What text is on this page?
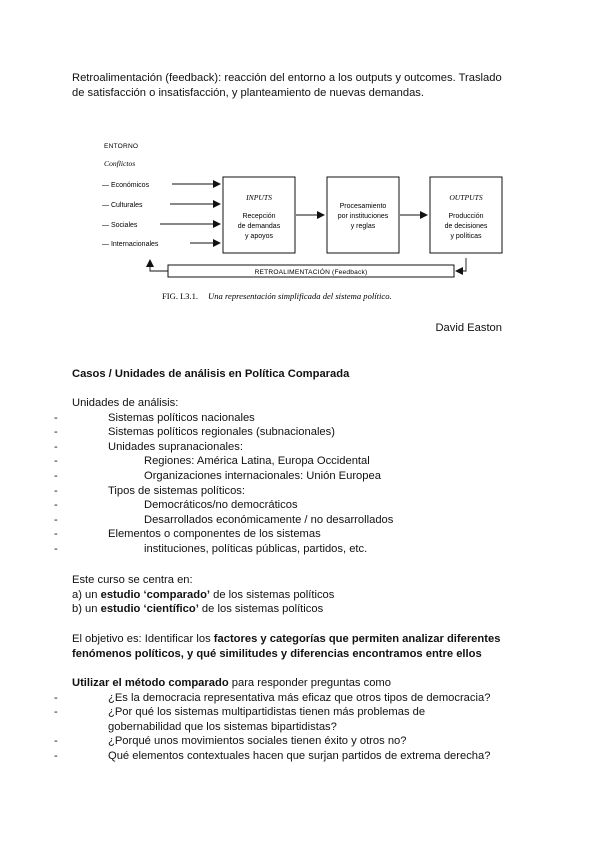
Retroalimentación (feedback): reacción del entorno a los outputs y outcomes. Traslado
de satisfacción o insatisfacción, y planteamiento de nuevas demandas.
ENTORNO
Conflictos
— Económicos
— Culturales
— Sociales
— Internacionales
INPUTS
Recepción
de demandas
y apoyos
Procesamiento
por instituciones
y reglas
OUTPUTS
Producción
de decisiones
y políticas
RETROALIMENTACIÓN (Feedback)
FIG. I.3.1. Una representación simplificada del sistema político.
David Easton
Casos / Unidades de análisis en Política Comparada
Unidades de análisis:
- Sistemas políticos nacionales
- Sistemas políticos regionales (subnacionales)
- Unidades supranacionales:
- Regiones: América Latina, Europa Occidental
- Organizaciones internacionales: Unión Europea
- Tipos de sistemas políticos:
- Democráticos/no democráticos
- Desarrollados económicamente / no desarrollados
- Elementos o componentes de los sistemas
- instituciones, políticas públicas, partidos, etc.
Este curso se centra en:
a) un estudio ‘comparado’ de los sistemas políticos
b) un estudio ‘científico’ de los sistemas políticos
El objetivo es: Identificar los factores y categorías que permiten analizar diferentes
fenómenos políticos, y qué similitudes y diferencias encontramos entre ellos
Utilizar el método comparado para responder preguntas como
- ¿Es la democracia representativa más eficaz que otros tipos de democracia?
- ¿Por qué los sistemas multipartidistas tienen más problemas de gobernabilidad que los sistemas bipartidistas?
- ¿Porqué unos movimientos sociales tienen éxito y otros no?
- Qué elementos contextuales hacen que surjan partidos de extrema derecha?
